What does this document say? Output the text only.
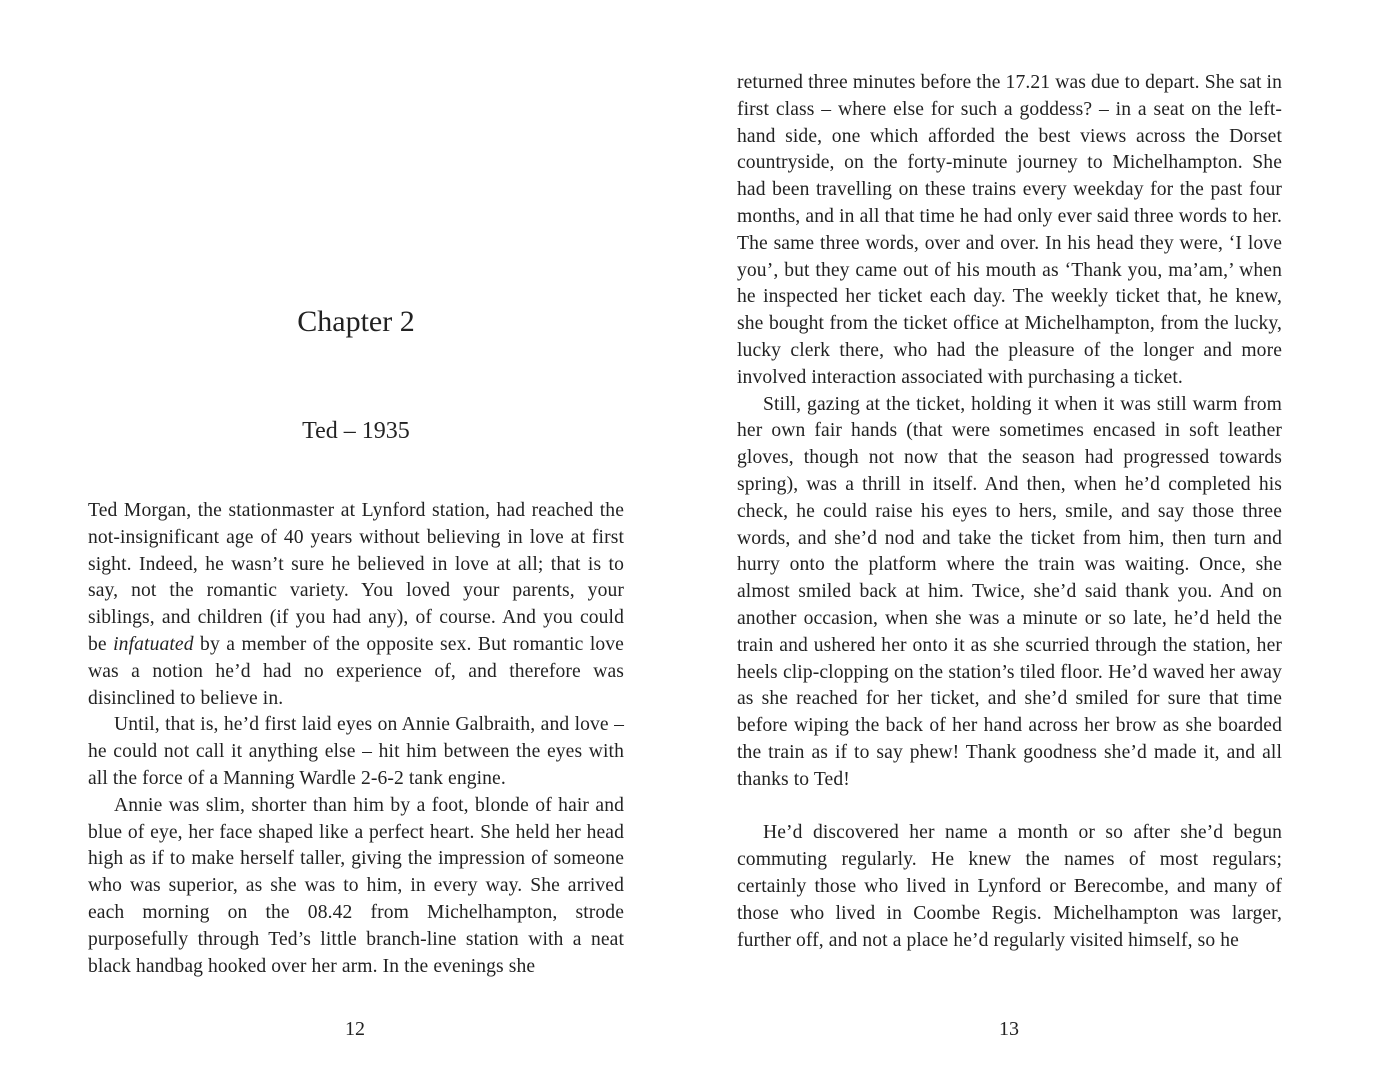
Chapter 2
Ted – 1935

Ted Morgan, the stationmaster at Lynford station, had reached the not-insignificant age of 40 years without believing in love at first sight. Indeed, he wasn’t sure he believed in love at all; that is to say, not the romantic variety. You loved your parents, your siblings, and children (if you had any), of course. And you could be infatuated by a member of the opposite sex. But romantic love was a notion he’d had no experience of, and therefore was disinclined to believe in.

Until, that is, he’d first laid eyes on Annie Galbraith, and love – he could not call it anything else – hit him between the eyes with all the force of a Manning Wardle 2-6-2 tank engine.

Annie was slim, shorter than him by a foot, blonde of hair and blue of eye, her face shaped like a perfect heart. She held her head high as if to make herself taller, giving the impression of someone who was superior, as she was to him, in every way. She arrived each morning on the 08.42 from Michelhampton, strode purposefully through Ted’s little branch-line station with a neat black handbag hooked over her arm. In the evenings she

12

returned three minutes before the 17.21 was due to depart. She sat in first class – where else for such a goddess? – in a seat on the left-hand side, one which afforded the best views across the Dorset countryside, on the forty-minute journey to Michelhampton. She had been travelling on these trains every weekday for the past four months, and in all that time he had only ever said three words to her. The same three words, over and over. In his head they were, ‘I love you’, but they came out of his mouth as ‘Thank you, ma’am,’ when he inspected her ticket each day. The weekly ticket that, he knew, she bought from the ticket office at Michelhampton, from the lucky, lucky clerk there, who had the pleasure of the longer and more involved interaction associated with purchasing a ticket.

Still, gazing at the ticket, holding it when it was still warm from her own fair hands (that were sometimes encased in soft leather gloves, though not now that the season had progressed towards spring), was a thrill in itself. And then, when he’d completed his check, he could raise his eyes to hers, smile, and say those three words, and she’d nod and take the ticket from him, then turn and hurry onto the platform where the train was waiting. Once, she almost smiled back at him. Twice, she’d said thank you. And on another occasion, when she was a minute or so late, he’d held the train and ushered her onto it as she scurried through the station, her heels clip-clopping on the station’s tiled floor. He’d waved her away as she reached for her ticket, and she’d smiled for sure that time before wiping the back of her hand across her brow as she boarded the train as if to say phew! Thank goodness she’d made it, and all thanks to Ted!

He’d discovered her name a month or so after she’d begun commuting regularly. He knew the names of most regulars; certainly those who lived in Lynford or Berecombe, and many of those who lived in Coombe Regis. Michelhampton was larger, further off, and not a place he’d regularly visited himself, so he

13
